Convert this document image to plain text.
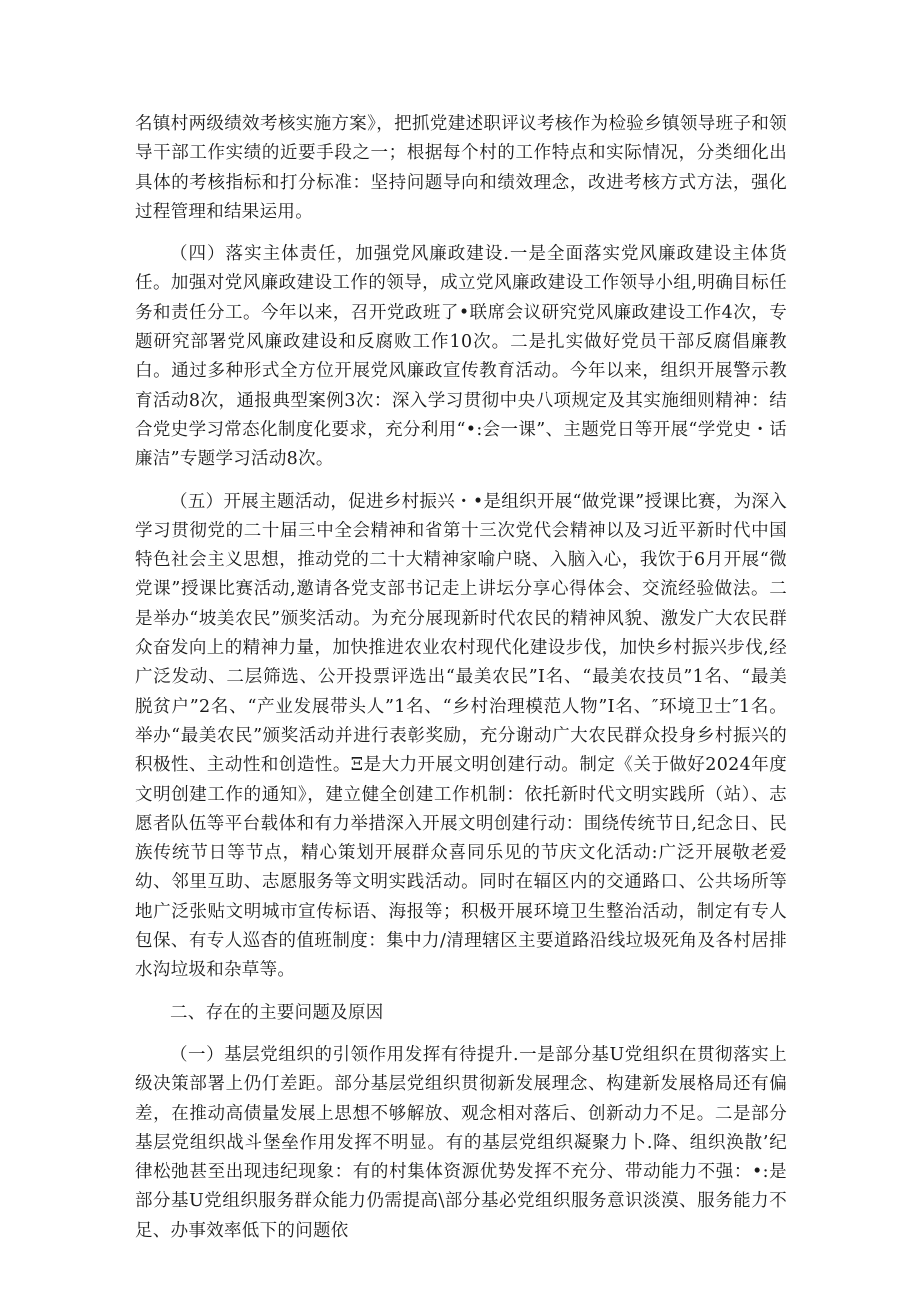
名镇村两级绩效考核实施方案》，把抓党建述职评议考核作为检验乡镇领导班子和领导干部工作实绩的近要手段之一；根据每个村的工作特点和实际情况，分类细化出具体的考核指标和打分标准：坚持问题导向和绩效理念，改进考核方式方法，强化过程管理和结果运用。

（四）落实主体责任，加强党风廉政建设.一是全面落实党风廉政建设主体货任。加强对党风廉政建设工作的领导，成立党风廉政建设工作领导小组,明确目标任务和责任分工。今年以来，召开党政班了•联席会议研究党风廉政建设工作4次，专题研究部署党风廉政建设和反腐败工作10次。二是扎实做好党员干部反腐倡廉教白。通过多种形式全方位开展党风廉政宣传教育活动。今年以来，组织开展警示教育活动8次，通报典型案例3次：深入学习贯彻中央八项规定及其实施细则精神：结合党史学习常态化制度化要求，充分利用“•:会一课”、主题党日等开展“学党史・话廉洁”专题学习活动8次。

（五）开展主题活动，促进乡村振兴・•是组织开展“做党课”授课比赛，为深入学习贯彻党的二十届三中全会精神和省第十三次党代会精神以及习近平新时代中国特色社会主义思想，推动党的二十大精神家喻户晓、入脑入心，我饮于6月开展“微党课”授课比赛活动,邀请各党支部书记走上讲坛分享心得体会、交流经验做法。二是举办“坡美农民”颁奖活动。为充分展现新时代农民的精神风貌、激发广大农民群众奋发向上的精神力量，加快推进农业农村现代化建设步伐，加快乡村振兴步伐,经广泛发动、二层筛选、公开投票评选出“最美农民”I名、“最美农技员”1名、“最美脱贫户”2名、“产业发展带头人”1名、“乡村治理模范人物”I名、″环境卫士″1名。举办“最美农民”颁奖活动并进行表彰奖励，充分谢动广大农民群众投身乡村振兴的积极性、主动性和创造性。Ξ是大力开展文明创建行动。制定《关于做好2024年度文明创建工作的通知》，建立健全创建工作机制：依托新时代文明实践所（站）、志愿者队伍等平台载体和有力举措深入开展文明创建行动：围绕传统节日,纪念日、民族传统节日等节点，精心策划开展群众喜同乐见的节庆文化活动:广泛开展敬老爱幼、邻里互助、志愿服务等文明实践活动。同时在辐区内的交通路口、公共场所等地广泛张贴文明城市宣传标语、海报等；积极开展环境卫生整治活动，制定有专人包保、有专人巡杳的值班制度：集中力/清理辖区主要道路沿线垃圾死角及各村居排水沟垃圾和杂草等。

二、存在的主要问题及原因

（一）基层党组织的引领作用发挥有待提升.一是部分基U党组织在贯彻落实上级决策部署上仍仃差距。部分基层党组织贯彻新发展理念、构建新发展格局还有偏差，在推动高债量发展上思想不够解放、观念相对落后、创新动力不足。二是部分基层党组织战斗堡垒作用发挥不明显。有的基层党组织凝聚力卜.降、组织涣散’纪律松弛甚至出现违纪现象：有的村集体资源优势发挥不充分、带动能力不强：•:是部分基U党组织服务群众能力仍需提高\部分基必党组织服务意识淡漠、服务能力不足、办事效率低下的问题依
